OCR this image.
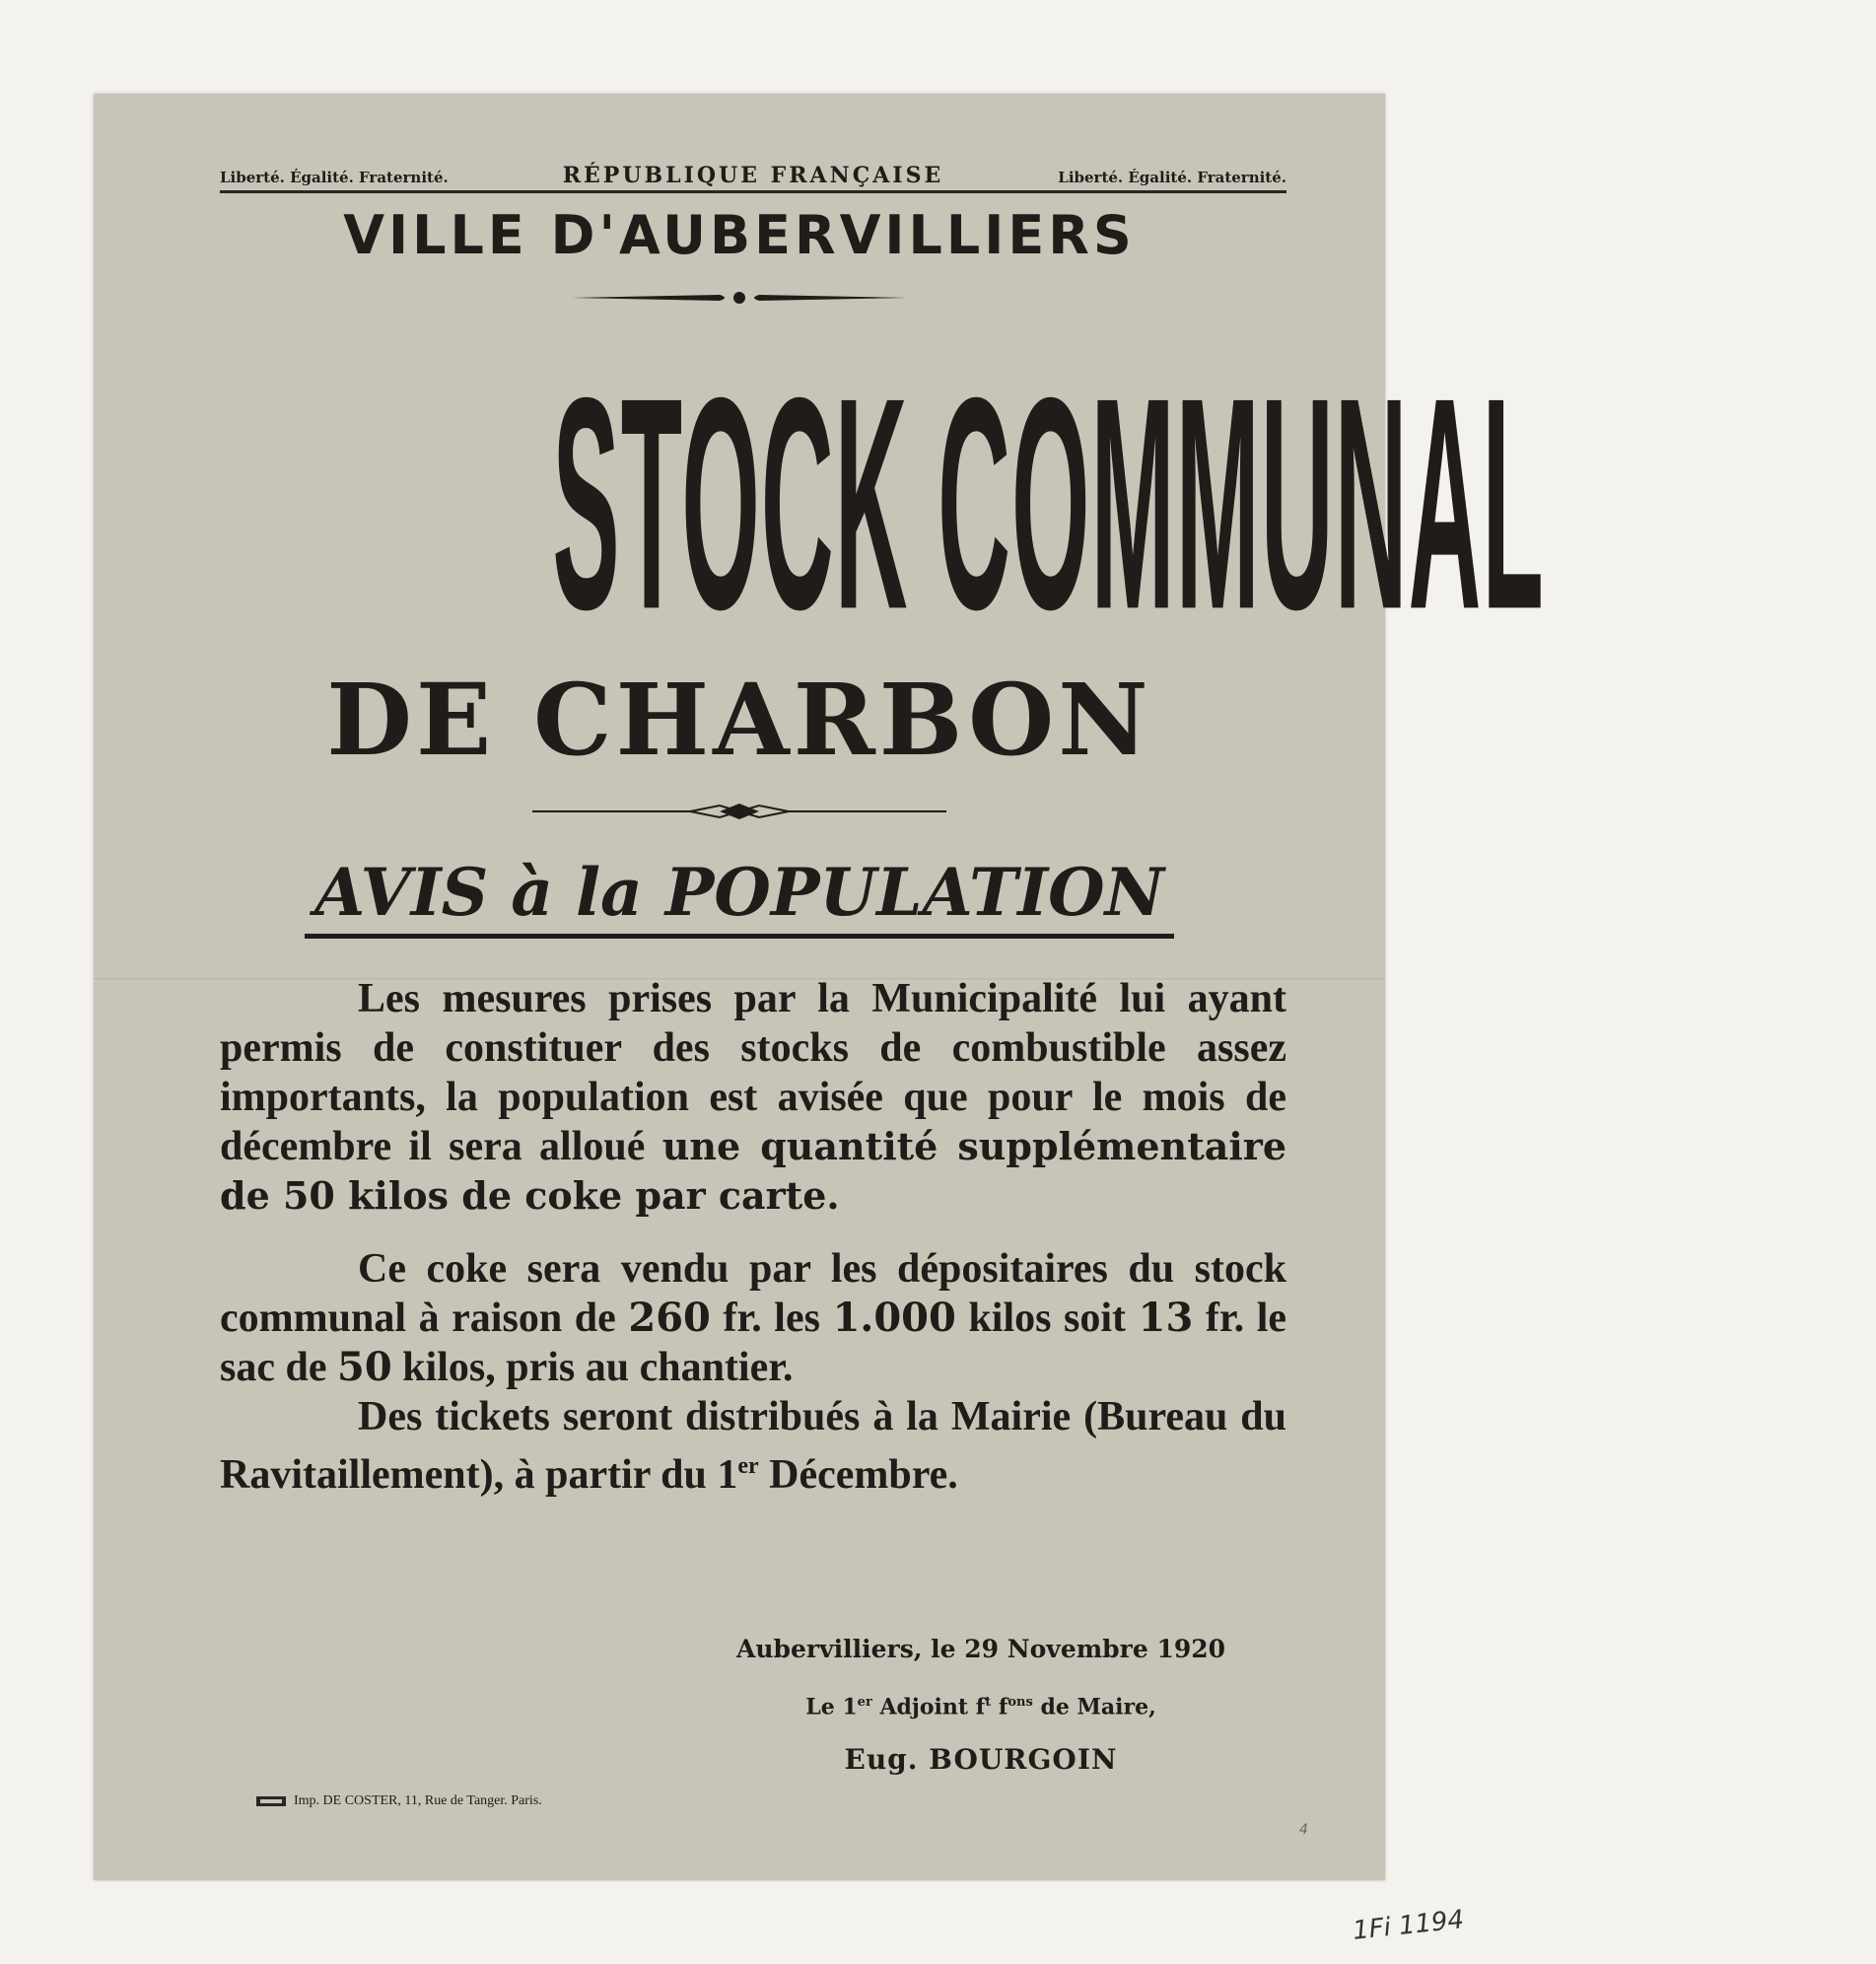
Liberté. Égalité. Fraternité.	RÉPUBLIQUE FRANÇAISE	Liberté. Égalité. Fraternité.
VILLE D'AUBERVILLIERS
STOCK COMMUNAL
DE CHARBON
AVIS à la POPULATION

Les mesures prises par la Municipalité lui ayant permis de constituer des stocks de combustible assez importants, la population est avisée que pour le mois de décembre il sera alloué une quantité supplémentaire de 50 kilos de coke par carte.

Ce coke sera vendu par les dépositaires du stock communal à raison de 260 fr. les 1.000 kilos soit 13 fr. le sac de 50 kilos, pris au chantier.

Des tickets seront distribués à la Mairie (Bureau du Ravitaillement), à partir du 1er Décembre.

Aubervilliers, le 29 Novembre 1920
Le 1er Adjoint $f^t$ $f^{ons}$ de Maire,
Eug. BOURGOIN
Imp. DE COSTER, 11, Rue de Tanger. Paris.
4
1Fi 1194
